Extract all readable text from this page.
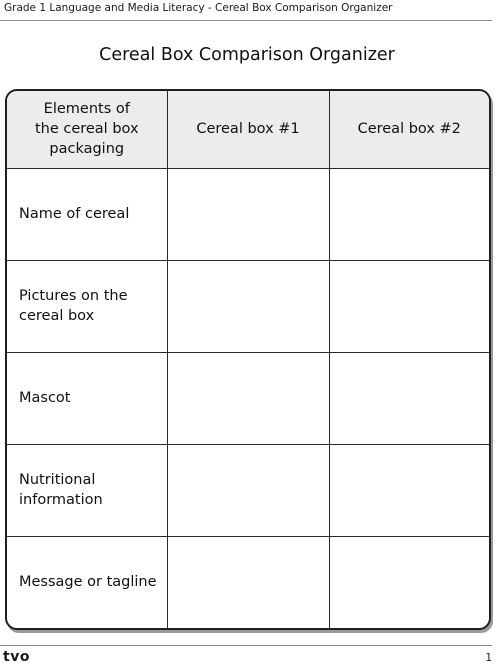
Grade 1 Language and Media Literacy - Cereal Box Comparison Organizer
Cereal Box Comparison Organizer
Elements of
the cereal box
packaging	Cereal box #1	Cereal box #2

Name of cereal		

Pictures on the
cereal box		

Mascot		

Nutritional
information		

Message or tagline		

tvo	1
